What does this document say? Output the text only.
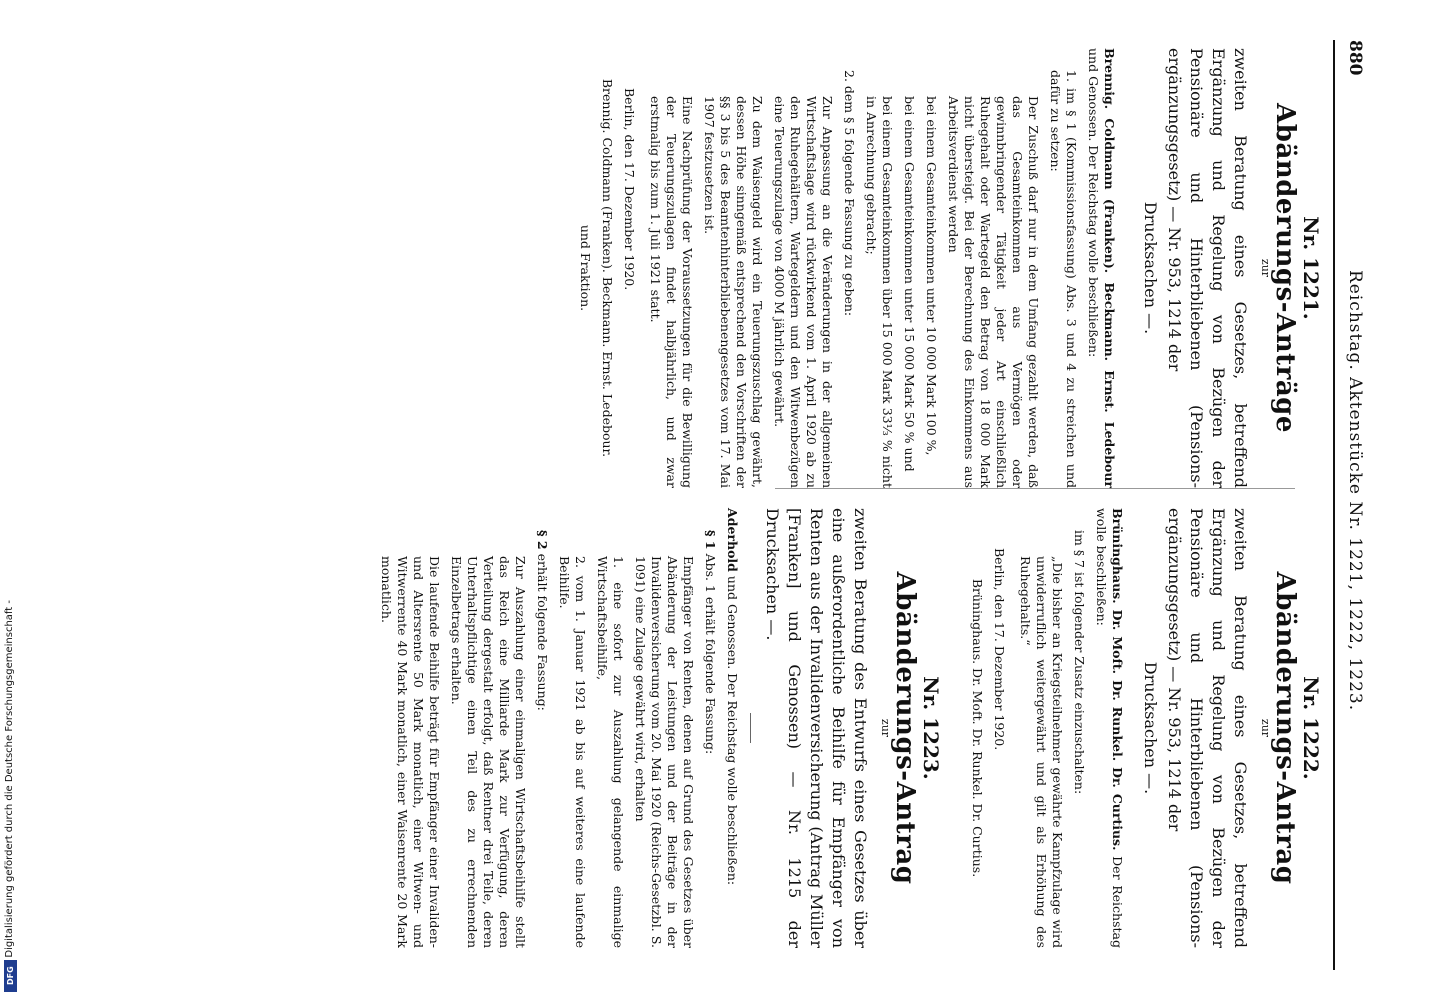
880
Reichstag. Aktenstücke Nr. 1221, 1222, 1223.
Nr. 1221.
Abänderungs-Anträge
zur
zweiten Beratung eines Gesetzes, betreffend Ergänzung und Regelung von Bezügen der Pensionäre und Hinterbliebenen (Pensions-ergänzungsgesetz) — Nr. 953, 1214 der
Drucksachen —.

Brennig. Coldmann (Franken). Beckmann. Ernst. Ledebour und Genossen. Der Reichstag wolle beschließen:

1. im § 1 (Kommissionsfassung) Abs. 3 und 4 zu streichen und dafür zu setzen:

Der Zuschuß darf nur in dem Umfang gezahlt werden, daß das Gesamteinkommen aus Vermögen oder gewinnbringender Tätigkeit jeder Art einschließlich Ruhegehalt oder Wartegeld den Betrag von 18 000 Mark nicht übersteigt. Bei der Berechnung des Einkommens aus Arbeitsverdienst werden

bei einem Gesamteinkommen unter 10 000 Mark 100 %,

bei einem Gesamteinkommen unter 15 000 Mark 50 % und

bei einem Gesamteinkommen über 15 000 Mark 33⅓ % nicht in Anrechnung gebracht;

2. dem § 5 folgende Fassung zu geben:

Zur Anpassung an die Veränderungen in der allgemeinen Wirtschaftslage wird rückwirkend vom 1. April 1920 ab zu den Ruhegehältern, Wartegeldern und den Witwenbezügen eine Teuerungszulage von 4000 M jährlich gewährt.

Zu dem Waisengeld wird ein Teuerungszuschlag gewährt, dessen Höhe sinngemäß entsprechend den Vorschriften der §§ 3 bis 5 des Beamtenhinterbliebenengesetzes vom 17. Mai 1907 festzusetzen ist.

Eine Nachprüfung der Voraussetzungen für die Bewilligung der Teuerungszulagen findet halbjährlich, und zwar erstmalig bis zum 1. Juli 1921 statt.

Berlin, den 17. Dezember 1920.

Brennig. Coldmann (Franken). Beckmann. Ernst. Ledebour.

und Fraktion.

Nr. 1222.
Abänderungs-Antrag
zur
zweiten Beratung eines Gesetzes, betreffend Ergänzung und Regelung von Bezügen der Pensionäre und Hinterbliebenen (Pensions-ergänzungsgesetz) — Nr. 953, 1214 der
Drucksachen —.

Brüninghaus. Dr. Moft. Dr. Runkel. Dr. Curtius. Der Reichstag wolle beschließen:

im § 7 ist folgender Zusatz einzuschalten:

„Die bisher an Kriegsteilnehmer gewährte Kampfzulage wird unwiderruflich weitergewährt und gilt als Erhöhung des Ruhegehalts.“

Berlin, den 17. Dezember 1920.

Brüninghaus. Dr. Moft. Dr. Runkel. Dr. Curtius.

Nr. 1223.
Abänderungs-Antrag
zur
zweiten Beratung des Entwurfs eines Gesetzes über eine außerordentliche Beihilfe für Empfänger von Renten aus der Invalidenversicherung (Antrag Müller [Franken] und Genossen) — Nr. 1215 der Drucksachen —.

Aderhold und Genossen. Der Reichstag wolle beschließen:

§ 1 Abs. 1 erhält folgende Fassung:

Empfänger von Renten, denen auf Grund des Gesetzes über Abänderung der Leistungen und der Beiträge in der Invalidenversicherung vom 20. Mai 1920 (Reichs-Gesetzbl. S. 1091) eine Zulage gewährt wird, erhalten

1. eine sofort zur Auszahlung gelangende einmalige Wirtschaftsbeihilfe,

2. vom 1. Januar 1921 ab bis auf weiteres eine laufende Beihilfe.

§ 2 erhält folgende Fassung:

Zur Auszahlung einer einmaligen Wirtschaftsbeihilfe stellt das Reich eine Milliarde Mark zur Verfügung, deren Verteilung dergestalt erfolgt, daß Rentner drei Teile, deren Unterhaltspflichtige einen Teil des zu errechnenden Einzelbetrags erhalten.

Die laufende Beihilfe beträgt für Empfänger einer Invaliden- und Altersrente 50 Mark monatlich, einer Witwen- und Witwerrente 40 Mark monatlich, einer Waisenrente 20 Mark monatlich.

Digitalisierung gefördert durch die Deutsche Forschungsgemeinschaft -
DFG
